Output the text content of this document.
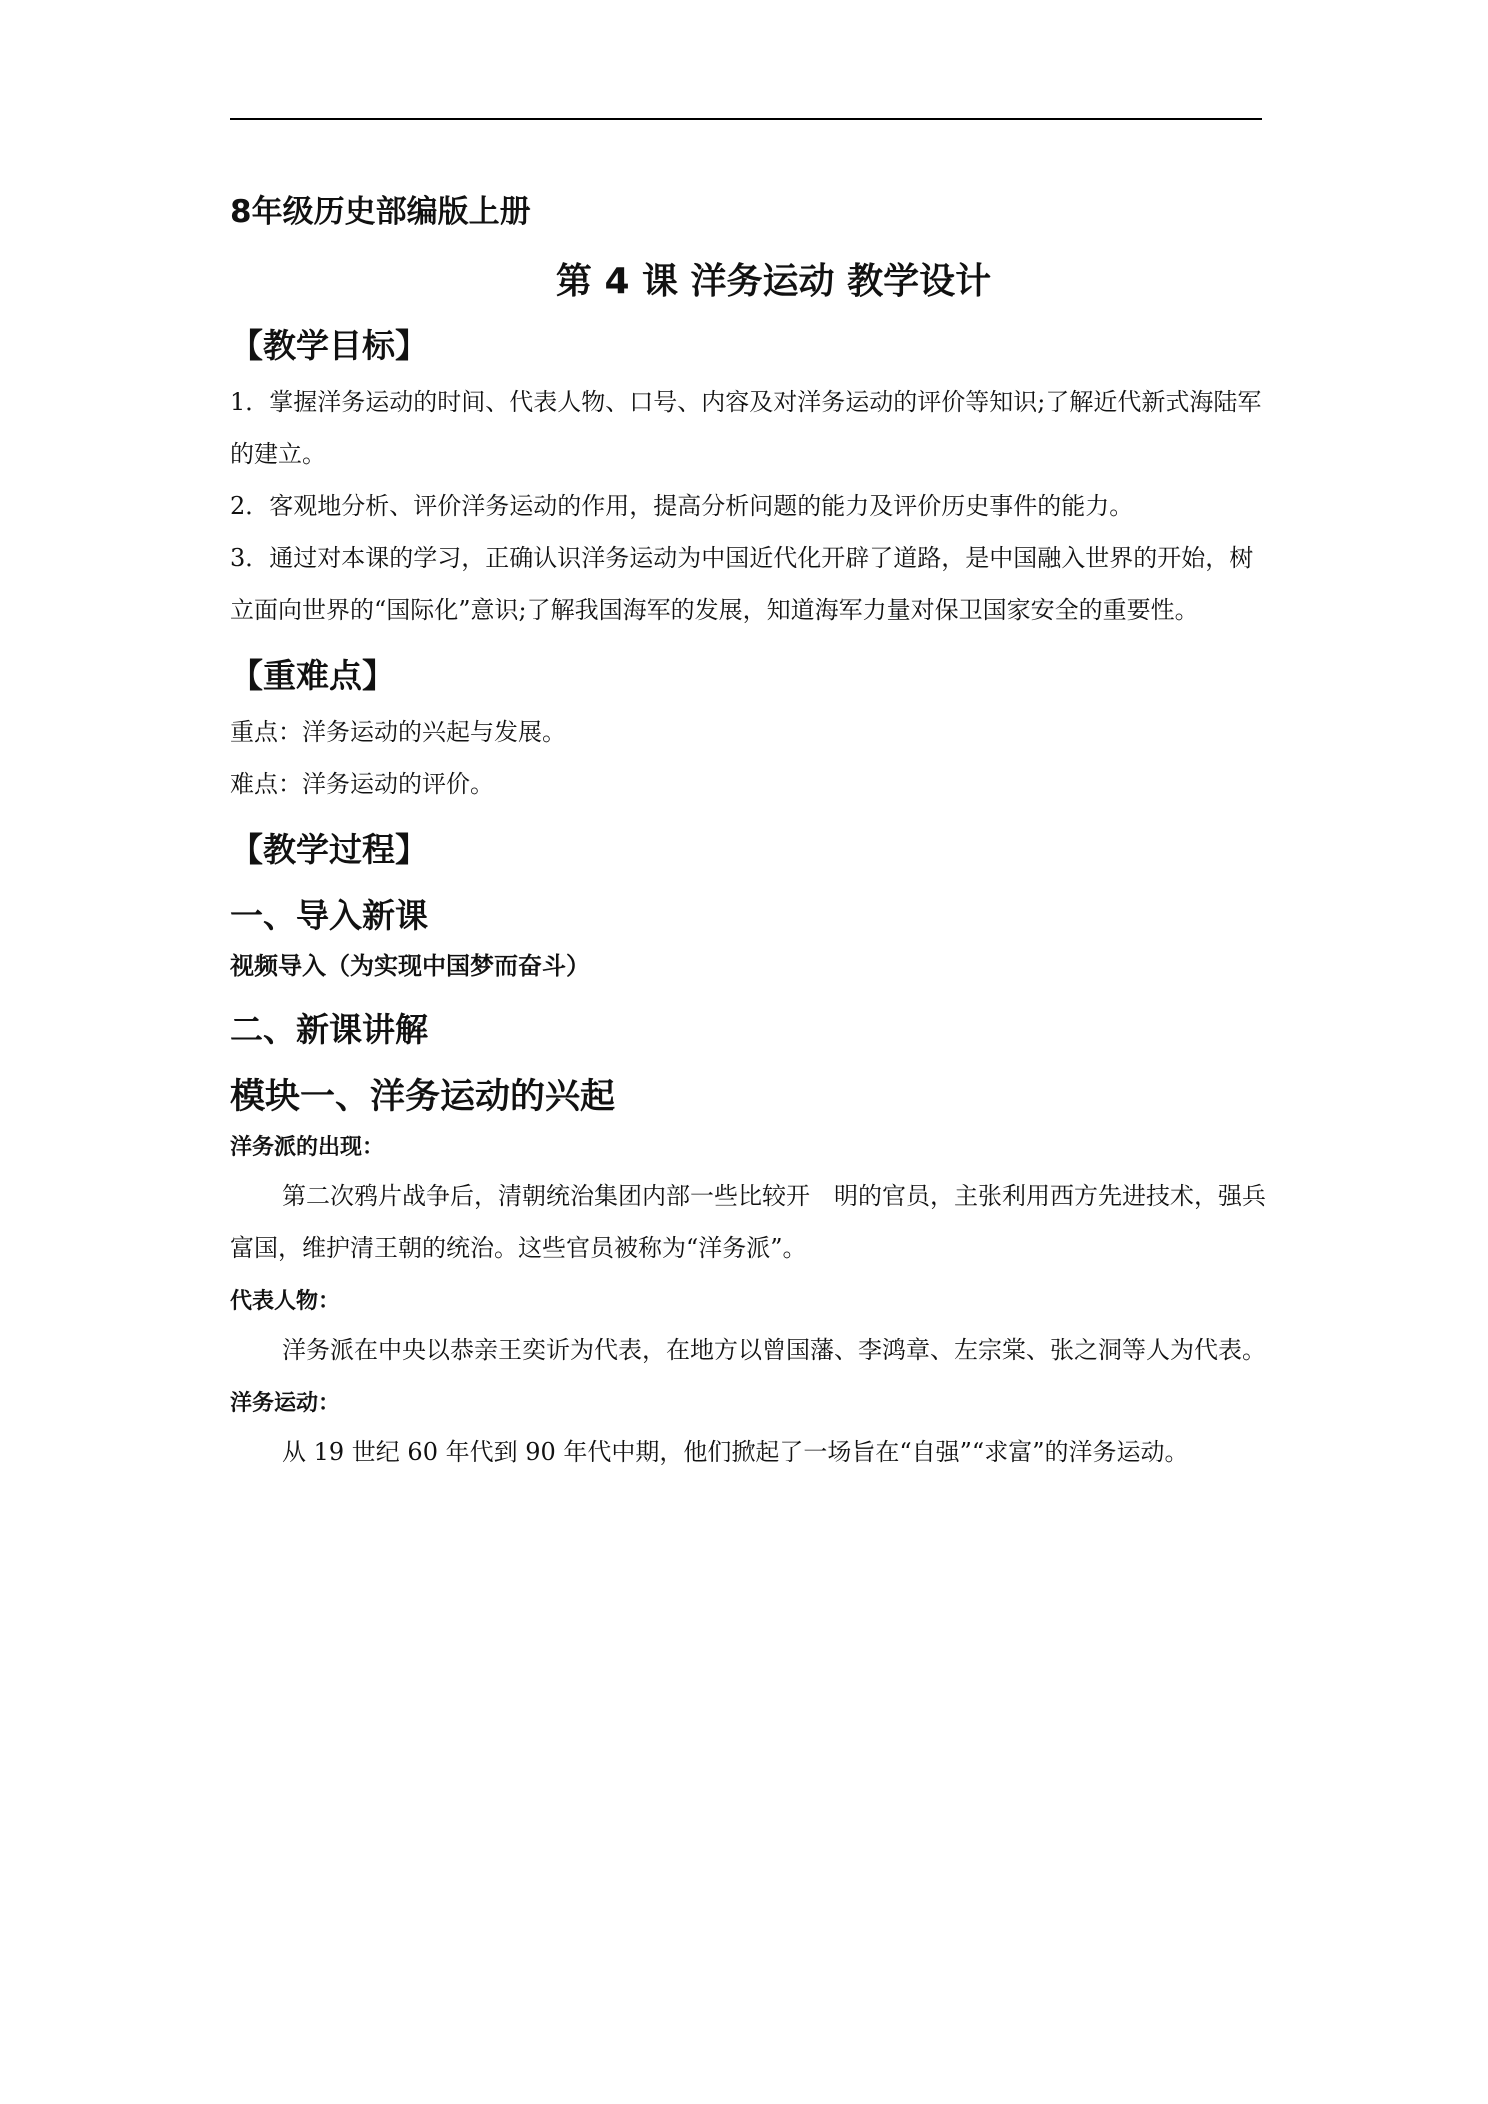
8年级历史部编版上册
第 4 课 洋务运动 教学设计
【教学目标】

1．掌握洋务运动的时间、代表人物、口号、内容及对洋务运动的评价等知识;了解近代新式海陆军的建立。

2．客观地分析、评价洋务运动的作用，提高分析问题的能力及评价历史事件的能力。

3．通过对本课的学习，正确认识洋务运动为中国近代化开辟了道路，是中国融入世界的开始，树立面向世界的“国际化”意识;了解我国海军的发展，知道海军力量对保卫国家安全的重要性。

【重难点】

重点：洋务运动的兴起与发展。

难点：洋务运动的评价。

【教学过程】
一、导入新课
视频导入（为实现中国梦而奋斗）
二、新课讲解
模块一、洋务运动的兴起
洋务派的出现：

第二次鸦片战争后，清朝统治集团内部一些比较开　明的官员，主张利用西方先进技术，强兵富国，维护清王朝的统治。这些官员被称为“洋务派”。

代表人物：

洋务派在中央以恭亲王奕䜣为代表，在地方以曾国藩、李鸿章、左宗棠、张之洞等人为代表。

洋务运动：

从 19 世纪 60 年代到 90 年代中期，他们掀起了一场旨在“自强”“求富”的洋务运动。
